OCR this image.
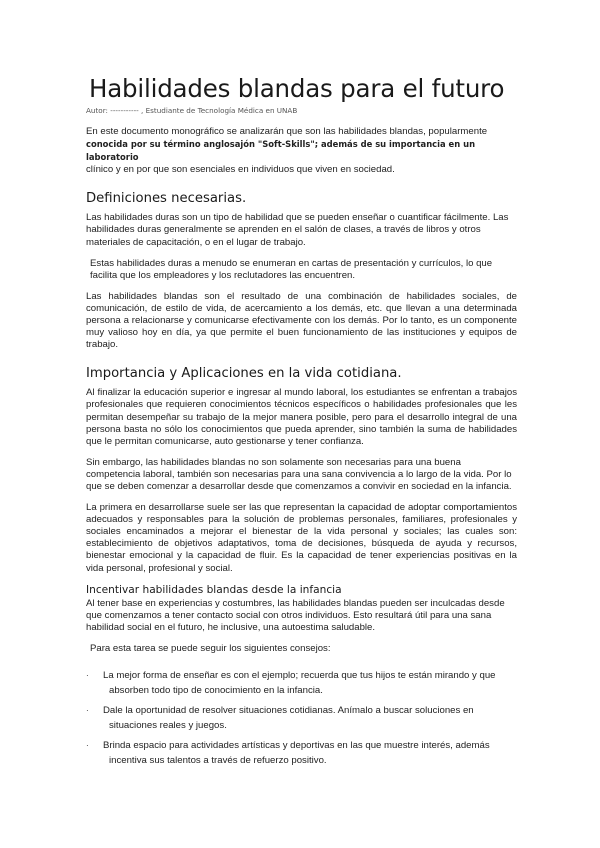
Habilidades blandas para el futuro
Autor: ----------- , Estudiante de Tecnología Médica en UNAB

En este documento monográfico se analizarán que son las habilidades blandas, popularmente
conocida por su término anglosajón "Soft-Skills"; además de su importancia en un laboratorio
clínico y en por que son esenciales en individuos que viven en sociedad.

Definiciones necesarias.

Las habilidades duras son un tipo de habilidad que se pueden enseñar o cuantificar fácilmente. Las habilidades duras generalmente se aprenden en el salón de clases, a través de libros y otros materiales de capacitación, o en el lugar de trabajo.

Estas habilidades duras a menudo se enumeran en cartas de presentación y currículos, lo que facilita que los empleadores y los reclutadores las encuentren.

Las habilidades blandas son el resultado de una combinación de habilidades sociales, de comunicación, de estilo de vida, de acercamiento a los demás, etc. que llevan a una determinada persona a relacionarse y comunicarse efectivamente con los demás. Por lo tanto, es un componente muy valioso hoy en día, ya que permite el buen funcionamiento de las instituciones y equipos de trabajo.

Importancia y Aplicaciones en la vida cotidiana.

Al finalizar la educación superior e ingresar al mundo laboral, los estudiantes se enfrentan a trabajos profesionales que requieren conocimientos técnicos específicos o habilidades profesionales que les permitan desempeñar su trabajo de la mejor manera posible, pero para el desarrollo integral de una persona basta no sólo los conocimientos que pueda aprender, sino también la suma de habilidades que le permitan comunicarse, auto gestionarse y tener confianza.

Sin embargo, las habilidades blandas no son solamente son necesarias para una buena competencia laboral, también son necesarias para una sana convivencia a lo largo de la vida. Por lo que se deben comenzar a desarrollar desde que comenzamos a convivir en sociedad en la infancia.

La primera en desarrollarse suele ser las que representan la capacidad de adoptar comportamientos adecuados y responsables para la solución de problemas personales, familiares, profesionales y sociales encaminados a mejorar el bienestar de la vida personal y sociales; las cuales son: establecimiento de objetivos adaptativos, toma de decisiones, búsqueda de ayuda y recursos, bienestar emocional y la capacidad de fluir. Es la capacidad de tener experiencias positivas en la vida personal, profesional y social.

Incentivar habilidades blandas desde la infancia

Al tener base en experiencias y costumbres, las habilidades blandas pueden ser inculcadas desde que comenzamos a tener contacto social con otros individuos. Esto resultará útil para una sana habilidad social en el futuro, he inclusive, una autoestima saludable.

Para esta tarea se puede seguir los siguientes consejos:

· La mejor forma de enseñar es con el ejemplo; recuerda que tus hijos te están mirando y que
absorben todo tipo de conocimiento en la infancia.
· Dale la oportunidad de resolver situaciones cotidianas. Anímalo a buscar soluciones en
situaciones reales y juegos.
· Brinda espacio para actividades artísticas y deportivas en las que muestre interés, además
incentiva sus talentos a través de refuerzo positivo.
